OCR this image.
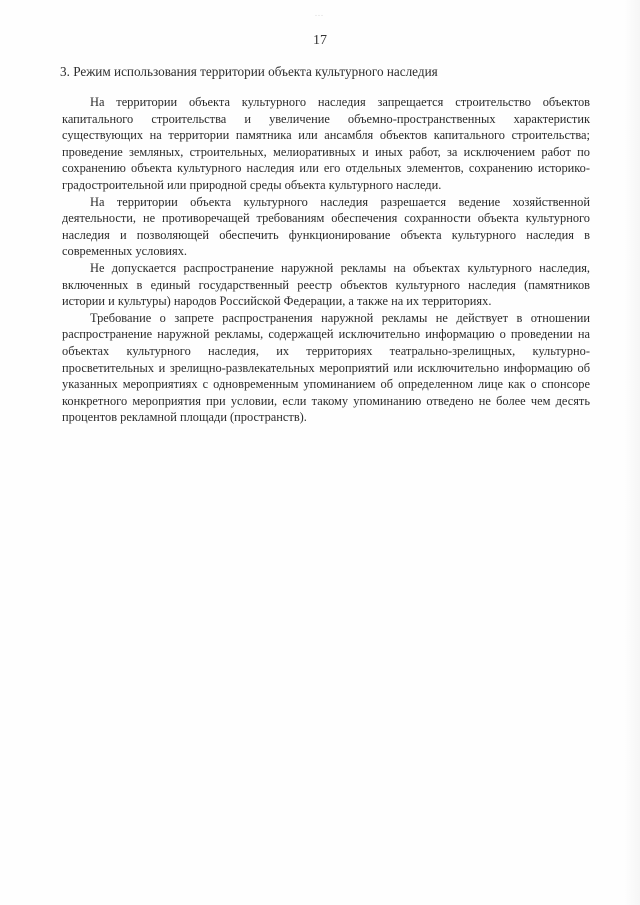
…
17
3. Режим использования территории объекта культурного наследия

На территории объекта культурного наследия запрещается строительство объектов капитального строительства и увеличение объемно-пространственных характеристик существующих на территории памятника или ансамбля объектов капитального строительства; проведение земляных, строительных, мелиоративных и иных работ, за исключением работ по сохранению объекта культурного наследия или его отдельных элементов, сохранению историко-градостроительной или природной среды объекта культурного наследи.

На территории объекта культурного наследия разрешается ведение хозяйственной деятельности, не противоречащей требованиям обеспечения сохранности объекта культурного наследия и позволяющей обеспечить функционирование объекта культурного наследия в современных условиях.

Не допускается распространение наружной рекламы на объектах культурного наследия, включенных в единый государственный реестр объектов культурного наследия (памятников истории и культуры) народов Российской Федерации, а также на их территориях.

Требование о запрете распространения наружной рекламы не действует в отношении распространение наружной рекламы, содержащей исключительно информацию о проведении на объектах культурного наследия, их территориях театрально-зрелищных, культурно-просветительных и зрелищно-развлекательных мероприятий или исключительно информацию об указанных мероприятиях с одновременным упоминанием об определенном лице как о спонсоре конкретного мероприятия при условии, если такому упоминанию отведено не более чем десять процентов рекламной площади (пространств).
